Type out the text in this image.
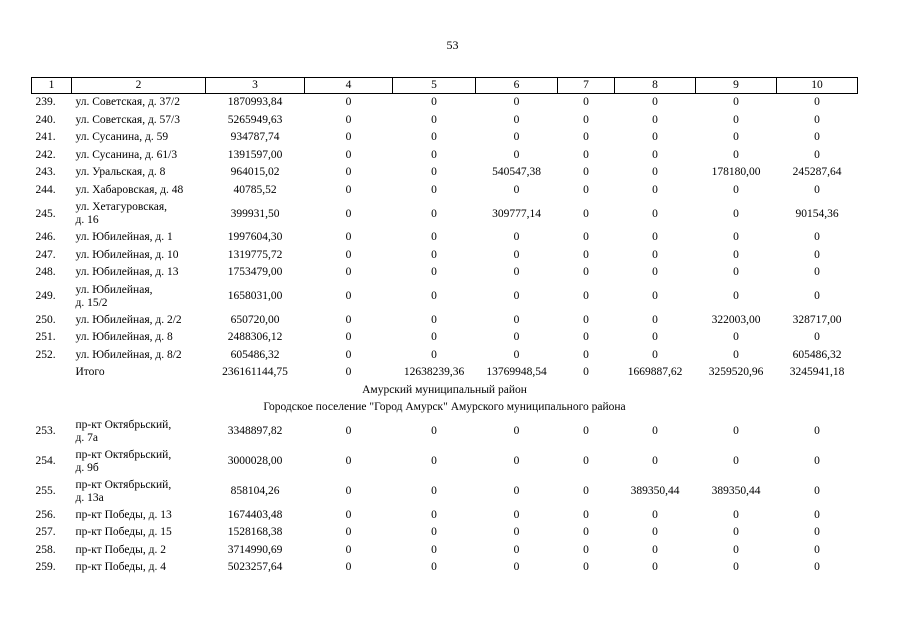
53
1	2	3	4	5	6	7	8	9	10
239.	ул. Советская, д. 37/2	1870993,84	0	0	0	0	0	0	0
240.	ул. Советская, д. 57/3	5265949,63	0	0	0	0	0	0	0
241.	ул. Сусанина, д. 59	934787,74	0	0	0	0	0	0	0
242.	ул. Сусанина, д. 61/3	1391597,00	0	0	0	0	0	0	0
243.	ул. Уральская, д. 8	964015,02	0	0	540547,38	0	0	178180,00	245287,64
244.	ул. Хабаровская, д. 48	40785,52	0	0	0	0	0	0	0
245.	ул. Хетагуровская,
д. 16	399931,50	0	0	309777,14	0	0	0	90154,36
246.	ул. Юбилейная, д. 1	1997604,30	0	0	0	0	0	0	0
247.	ул. Юбилейная, д. 10	1319775,72	0	0	0	0	0	0	0
248.	ул. Юбилейная, д. 13	1753479,00	0	0	0	0	0	0	0
249.	ул. Юбилейная,
д. 15/2	1658031,00	0	0	0	0	0	0	0
250.	ул. Юбилейная, д. 2/2	650720,00	0	0	0	0	0	322003,00	328717,00
251.	ул. Юбилейная, д. 8	2488306,12	0	0	0	0	0	0	0
252.	ул. Юбилейная, д. 8/2	605486,32	0	0	0	0	0	0	605486,32
	Итого	236161144,75	0	12638239,36	13769948,54	0	1669887,62	3259520,96	3245941,18
Амурский муниципальный район									
Городское поселение "Город Амурск" Амурского муниципального района									
253.	пр-кт Октябрьский,
д. 7а	3348897,82	0	0	0	0	0	0	0
254.	пр-кт Октябрьский,
д. 9б	3000028,00	0	0	0	0	0	0	0
255.	пр-кт Октябрьский,
д. 13а	858104,26	0	0	0	0	389350,44	389350,44	0
256.	пр-кт Победы, д. 13	1674403,48	0	0	0	0	0	0	0
257.	пр-кт Победы, д. 15	1528168,38	0	0	0	0	0	0	0
258.	пр-кт Победы, д. 2	3714990,69	0	0	0	0	0	0	0
259.	пр-кт Победы, д. 4	5023257,64	0	0	0	0	0	0	0
